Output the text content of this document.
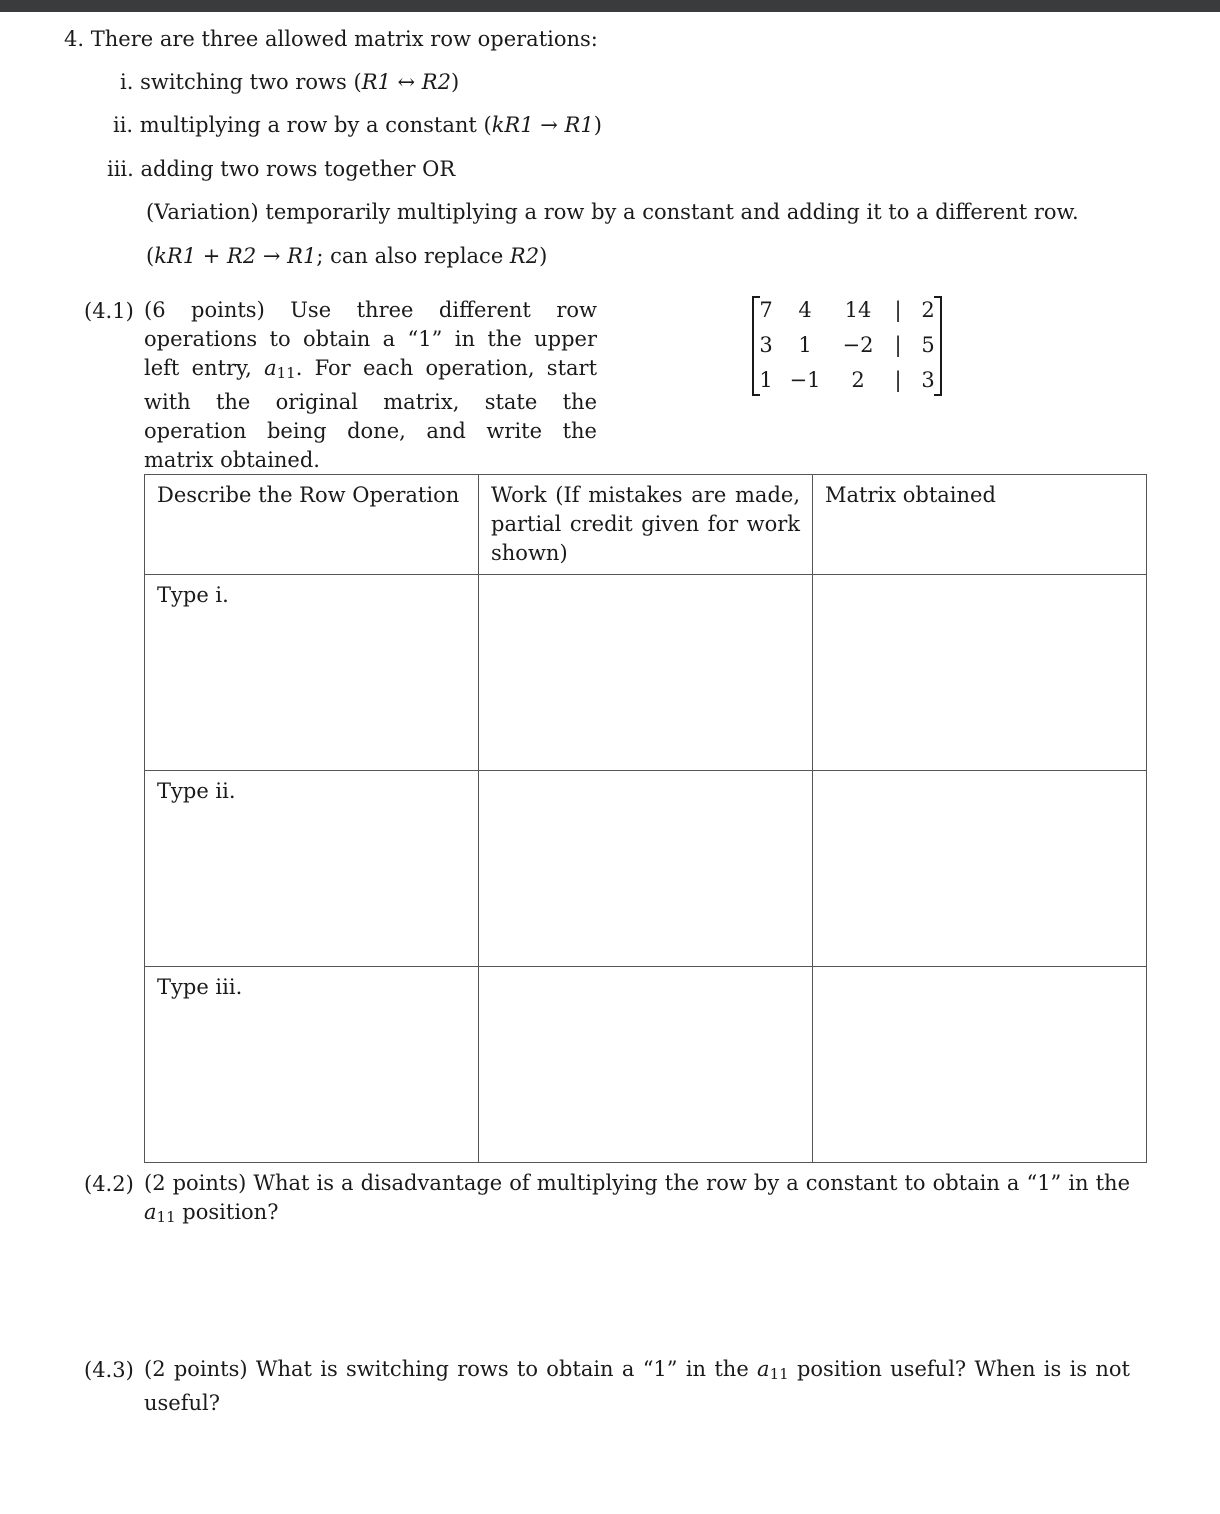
4. There are three allowed matrix row operations:
i. switching two rows (R1 ↔ R2)
ii. multiplying a row by a constant (kR1 → R1)
iii. adding two rows together OR
(Variation) temporarily multiplying a row by a constant and adding it to a different row.
(kR1 + R2 → R1; can also replace R2)
(4.1) (6 points) Use three different row operations to obtain a “1” in the upper left entry, a11. For each operation, start with the original matrix, state the operation being done, and write the matrix obtained.
7	4	14	| 2
3	1	−2 | 5
1 −1	2	| 3
Describe the Row Operation	Work (If mistakes are made, partial credit given for work shown)	Matrix obtained
Type i.		
Type ii.		
Type iii.		
(4.2) (2 points) What is a disadvantage of multiplying the row by a constant to obtain a “1” in the a11 position?
(4.3) (2 points) What is switching rows to obtain a “1” in the a11 position useful? When is is not useful?
